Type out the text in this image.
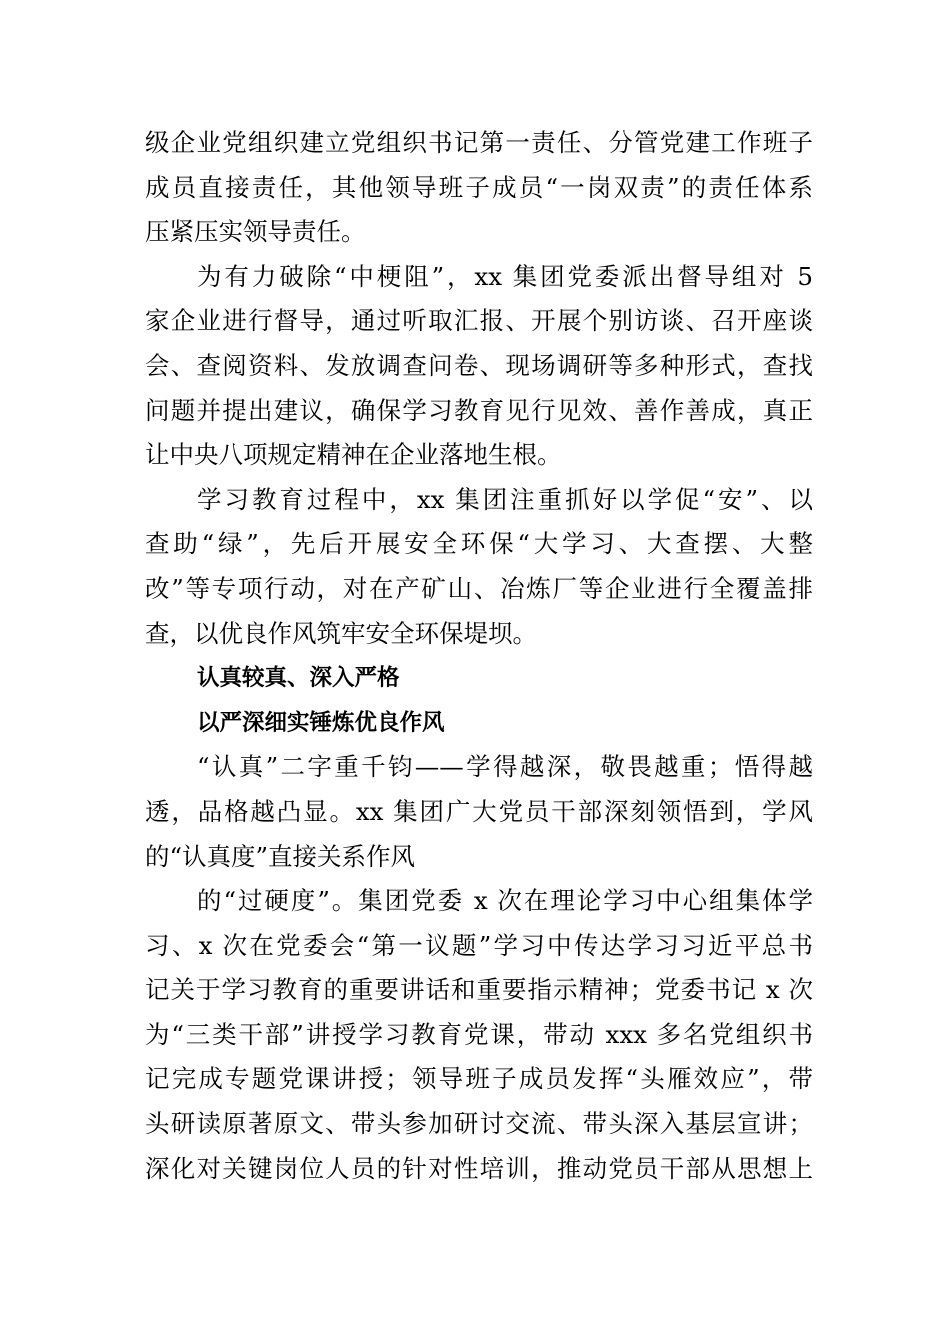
级企业党组织建立党组织书记第一责任、分管党建工作班子
成员直接责任，其他领导班子成员“一岗双责”的责任体系
压紧压实领导责任。
为有力破除“中梗阻”，xx 集团党委派出督导组对 5
家企业进行督导，通过听取汇报、开展个别访谈、召开座谈
会、查阅资料、发放调查问卷、现场调研等多种形式，查找
问题并提出建议，确保学习教育见行见效、善作善成，真正
让中央八项规定精神在企业落地生根。
学习教育过程中，xx 集团注重抓好以学促“安”、以
查助“绿”，先后开展安全环保“大学习、大查摆、大整
改”等专项行动，对在产矿山、冶炼厂等企业进行全覆盖排
查，以优良作风筑牢安全环保堤坝。
认真较真、深入严格
以严深细实锤炼优良作风
“认真”二字重千钧——学得越深，敬畏越重；悟得越
透，品格越凸显。xx 集团广大党员干部深刻领悟到，学风
的“认真度”直接关系作风
的“过硬度”。集团党委 x 次在理论学习中心组集体学
习、x 次在党委会“第一议题”学习中传达学习习近平总书
记关于学习教育的重要讲话和重要指示精神；党委书记 x 次
为“三类干部”讲授学习教育党课，带动 xxx 多名党组织书
记完成专题党课讲授；领导班子成员发挥“头雁效应”，带
头研读原著原文、带头参加研讨交流、带头深入基层宣讲；
深化对关键岗位人员的针对性培训，推动党员干部从思想上
